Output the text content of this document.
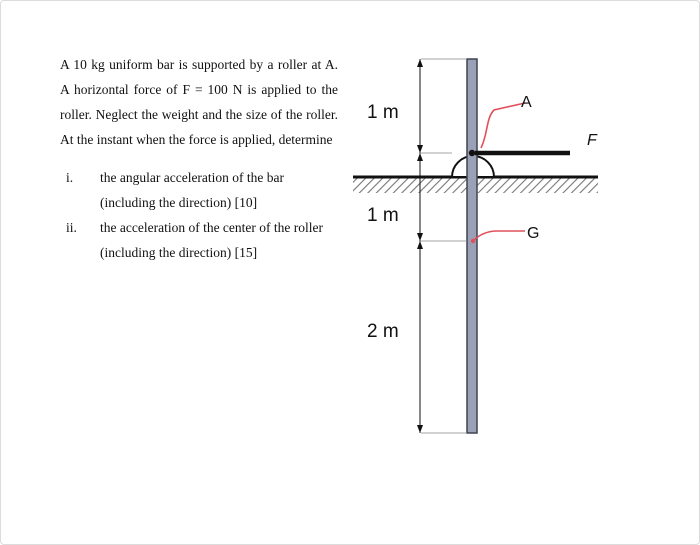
A 10 kg uniform bar is supported by a roller at A. A horizontal force of F = 100 N is applied to the roller. Neglect the weight and the size of the roller. At the instant when the force is applied, determine

i. the angular acceleration of the bar (including the direction) [10]
ii. the acceleration of the center of the roller (including the direction) [15]
1 m
1 m
2 m
A
F
G
